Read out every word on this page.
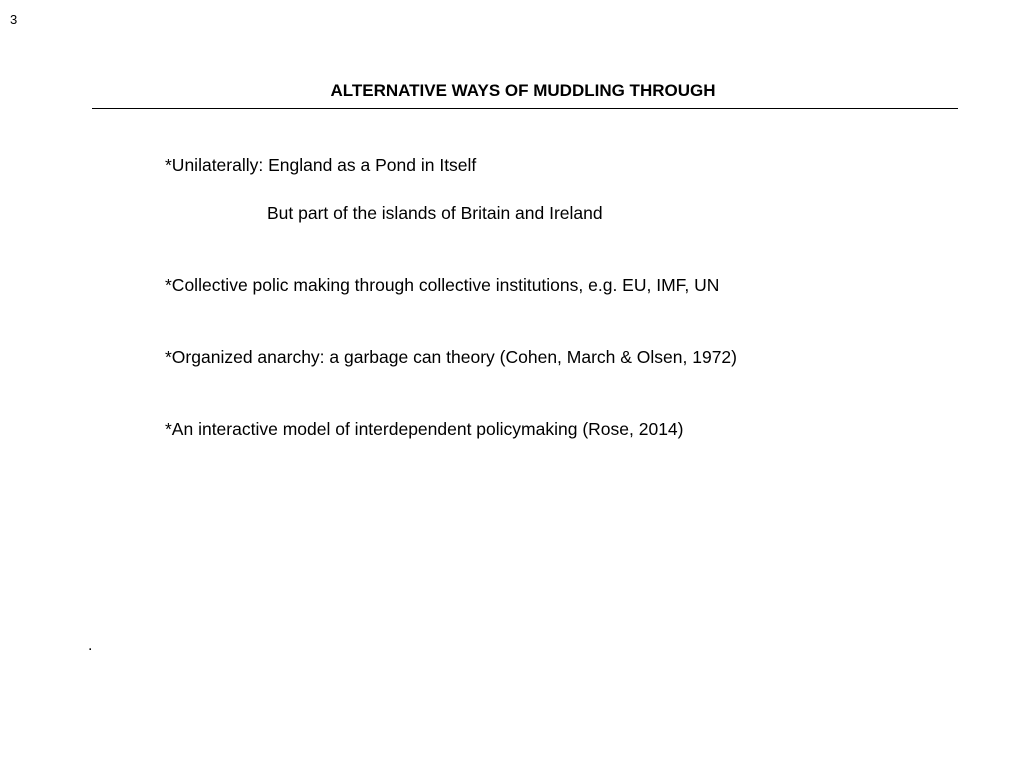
3
ALTERNATIVE WAYS OF MUDDLING THROUGH
*Unilaterally: England as a Pond in Itself
But part of the islands of Britain and Ireland
*Collective polic making through collective institutions, e.g. EU, IMF, UN
*Organized anarchy: a garbage can theory (Cohen, March & Olsen, 1972)
*An interactive model of interdependent policymaking (Rose, 2014)
.
